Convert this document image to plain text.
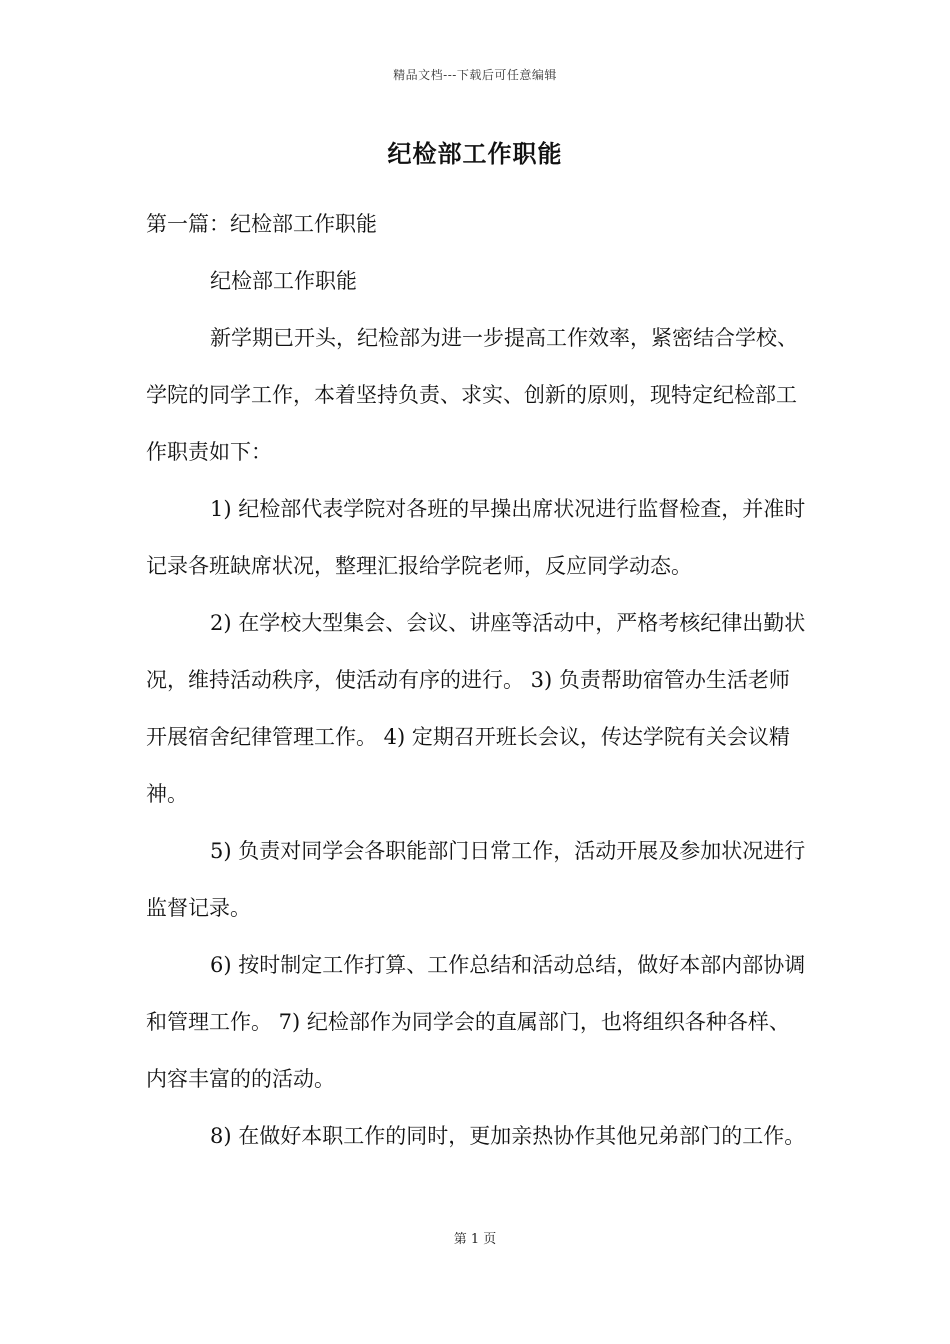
精品文档---下载后可任意编辑
纪检部工作职能

第一篇：纪检部工作职能

纪检部工作职能

新学期已开头，纪检部为进一步提高工作效率，紧密结合学校、学院的同学工作，本着坚持负责、求实、创新的原则，现特定纪检部工作职责如下：

1) 纪检部代表学院对各班的早操出席状况进行监督检查，并准时记录各班缺席状况，整理汇报给学院老师，反应同学动态。

2) 在学校大型集会、会议、讲座等活动中，严格考核纪律出勤状况，维持活动秩序，使活动有序的进行。 3) 负责帮助宿管办生活老师开展宿舍纪律管理工作。 4) 定期召开班长会议，传达学院有关会议精神。

5) 负责对同学会各职能部门日常工作，活动开展及参加状况进行监督记录。

6) 按时制定工作打算、工作总结和活动总结，做好本部内部协调和管理工作。 7) 纪检部作为同学会的直属部门，也将组织各种各样、内容丰富的的活动。

8) 在做好本职工作的同时，更加亲热协作其他兄弟部门的工作。

第 1 页
